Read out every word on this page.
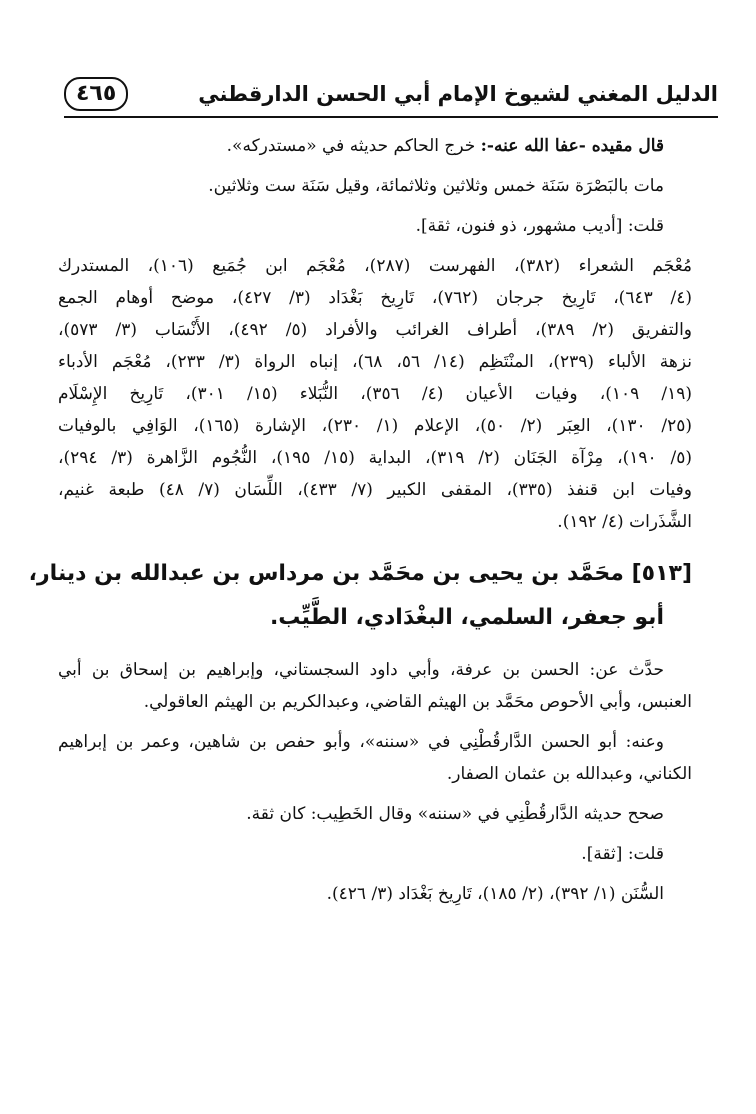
الدليل المغني لشيوخ الإمام أبي الحسن الدارقطني
٤٦٥

قال مقيده -عفا الله عنه-: خرج الحاكم حديثه في «مستدركه».

مات بالبَصْرَة سَنَة خمس وثلاثين وثلاثمائة، وقيل سَنَة ست وثلاثين.

قلت: [أديب مشهور، ذو فنون، ثقة].

مُعْجَم الشعراء (٣٨٢)، الفهرست (٢٨٧)، مُعْجَم ابن جُمَيع (١٠٦)، المستدرك

(٤/ ٦٤٣)، تَارِيخ جرجان (٧٦٢)، تَارِيخ بَغْدَاد (٣/ ٤٢٧)، موضح أوهام الجمع

والتفريق (٢/ ٣٨٩)، أطراف الغرائب والأفراد (٥/ ٤٩٢)، الأَنْسَاب (٣/ ٥٧٣)،

نزهة الألباء (٢٣٩)، المنْتَظِم (١٤/ ٥٦، ٦٨)، إنباه الرواة (٣/ ٢٣٣)، مُعْجَم الأدباء

(١٩/ ١٠٩)، وفيات الأعيان (٤/ ٣٥٦)، النُّبَلاء (١٥/ ٣٠١)، تَارِيخ الإِسْلَام

(٢٥/ ١٣٠)، العِبَر (٢/ ٥٠)، الإعلام (١/ ٢٣٠)، الإشارة (١٦٥)، الوَافِي بالوفيات

(٥/ ١٩٠)، مِرْآة الجَنَان (٢/ ٣١٩)، البداية (١٥/ ١٩٥)، النُّجُوم الزَّاهرة (٣/ ٢٩٤)،

وفيات ابن قنفذ (٣٣٥)، المقفى الكبير (٧/ ٤٣٣)، اللِّسَان (٧/ ٤٨) طبعة غنيم،

الشَّذَرات (٤/ ١٩٢).

[٥١٣] محَمَّد بن يحيى بن محَمَّد بن مرداس بن عبدالله بن دينار،

أبو جعفر، السلمي، البغْدَادي، الطَّيِّب.

حدَّث عن: الحسن بن عرفة، وأبي داود السجستاني، وإبراهيم بن إسحاق بن أبي

العنبس، وأبي الأحوص محَمَّد بن الهيثم القاضي، وعبدالكريم بن الهيثم العاقولي.

وعنه: أبو الحسن الدَّارقُطْنِي في «سننه»، وأبو حفص بن شاهين، وعمر بن إبراهيم

الكناني، وعبدالله بن عثمان الصفار.

صحح حديثه الدَّارقُطْنِي في «سننه» وقال الخَطِيب: كان ثقة.

قلت: [ثقة].

السُّنَن (١/ ٣٩٢)، (٢/ ١٨٥)، تَارِيخ بَغْدَاد (٣/ ٤٢٦).
